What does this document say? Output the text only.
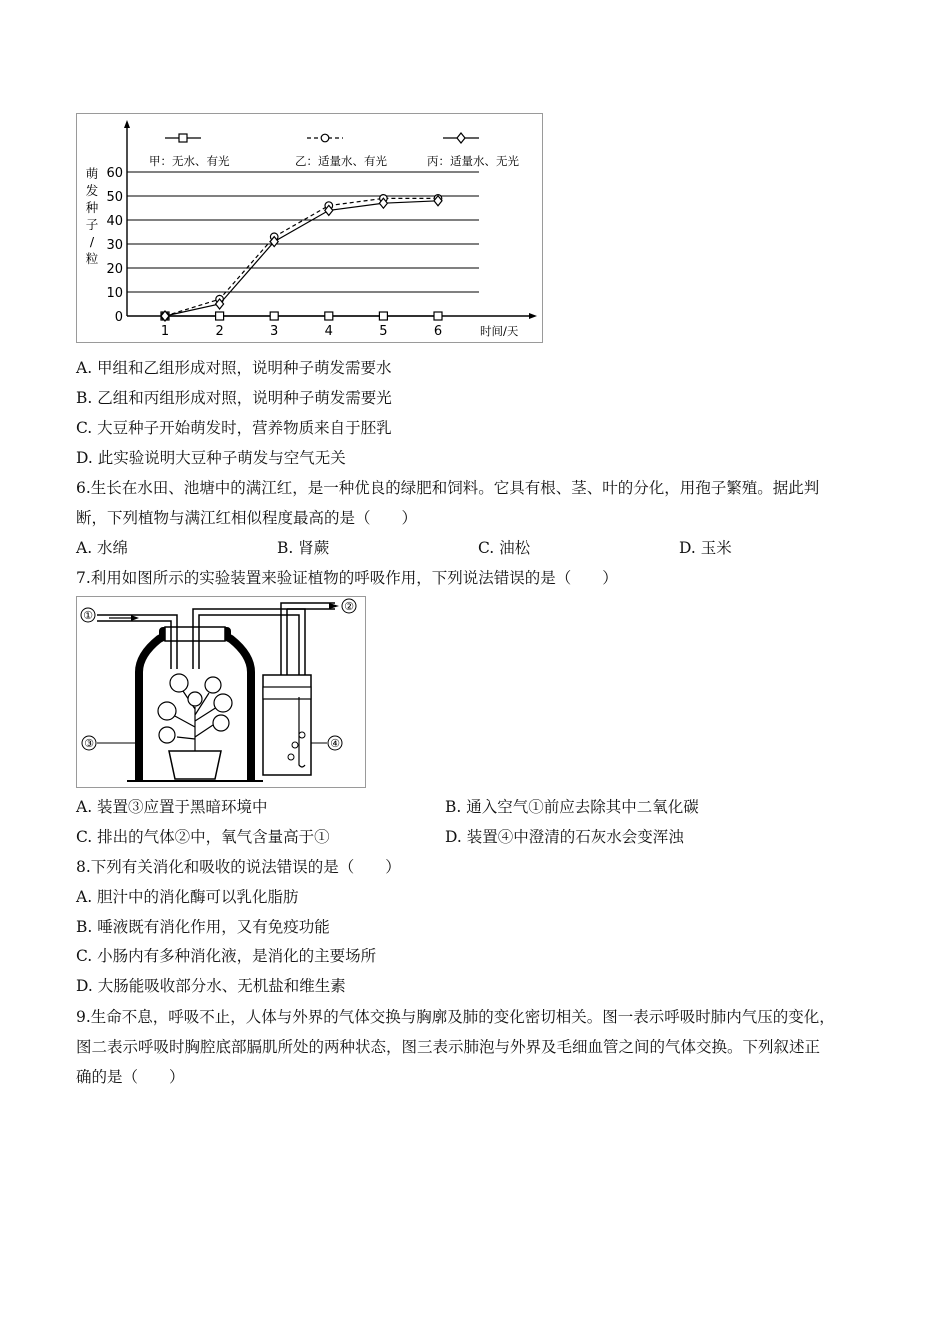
0
10
20
30
40
50
60
1	2	3	4	5	6	时间/天
萌
发
种
子
/
粒
甲：无水、有光	乙：适量水、有光	丙：适量水、无光
A. 甲组和乙组形成对照，说明种子萌发需要水
B. 乙组和丙组形成对照，说明种子萌发需要光
C. 大豆种子开始萌发时，营养物质来自于胚乳
D. 此实验说明大豆种子萌发与空气无关
6.生长在水田、池塘中的满江红，是一种优良的绿肥和饲料。它具有根、茎、叶的分化，用孢子繁殖。据此判
断，下列植物与满江红相似程度最高的是（　　）
A. 水绵	B. 肾蕨	C. 油松	D. 玉米
7.利用如图所示的实验装置来验证植物的呼吸作用，下列说法错误的是（　　）
①
②
③	④
A. 装置③应置于黑暗环境中	B. 通入空气①前应去除其中二氧化碳
C. 排出的气体②中，氧气含量高于①	D. 装置④中澄清的石灰水会变浑浊
8.下列有关消化和吸收的说法错误的是（　　）
A. 胆汁中的消化酶可以乳化脂肪
B. 唾液既有消化作用，又有免疫功能
C. 小肠内有多种消化液，是消化的主要场所
D. 大肠能吸收部分水、无机盐和维生素
9.生命不息，呼吸不止，人体与外界的气体交换与胸廓及肺的变化密切相关。图一表示呼吸时肺内气压的变化，
图二表示呼吸时胸腔底部膈肌所处的两种状态，图三表示肺泡与外界及毛细血管之间的气体交换。下列叙述正
确的是（　　）
